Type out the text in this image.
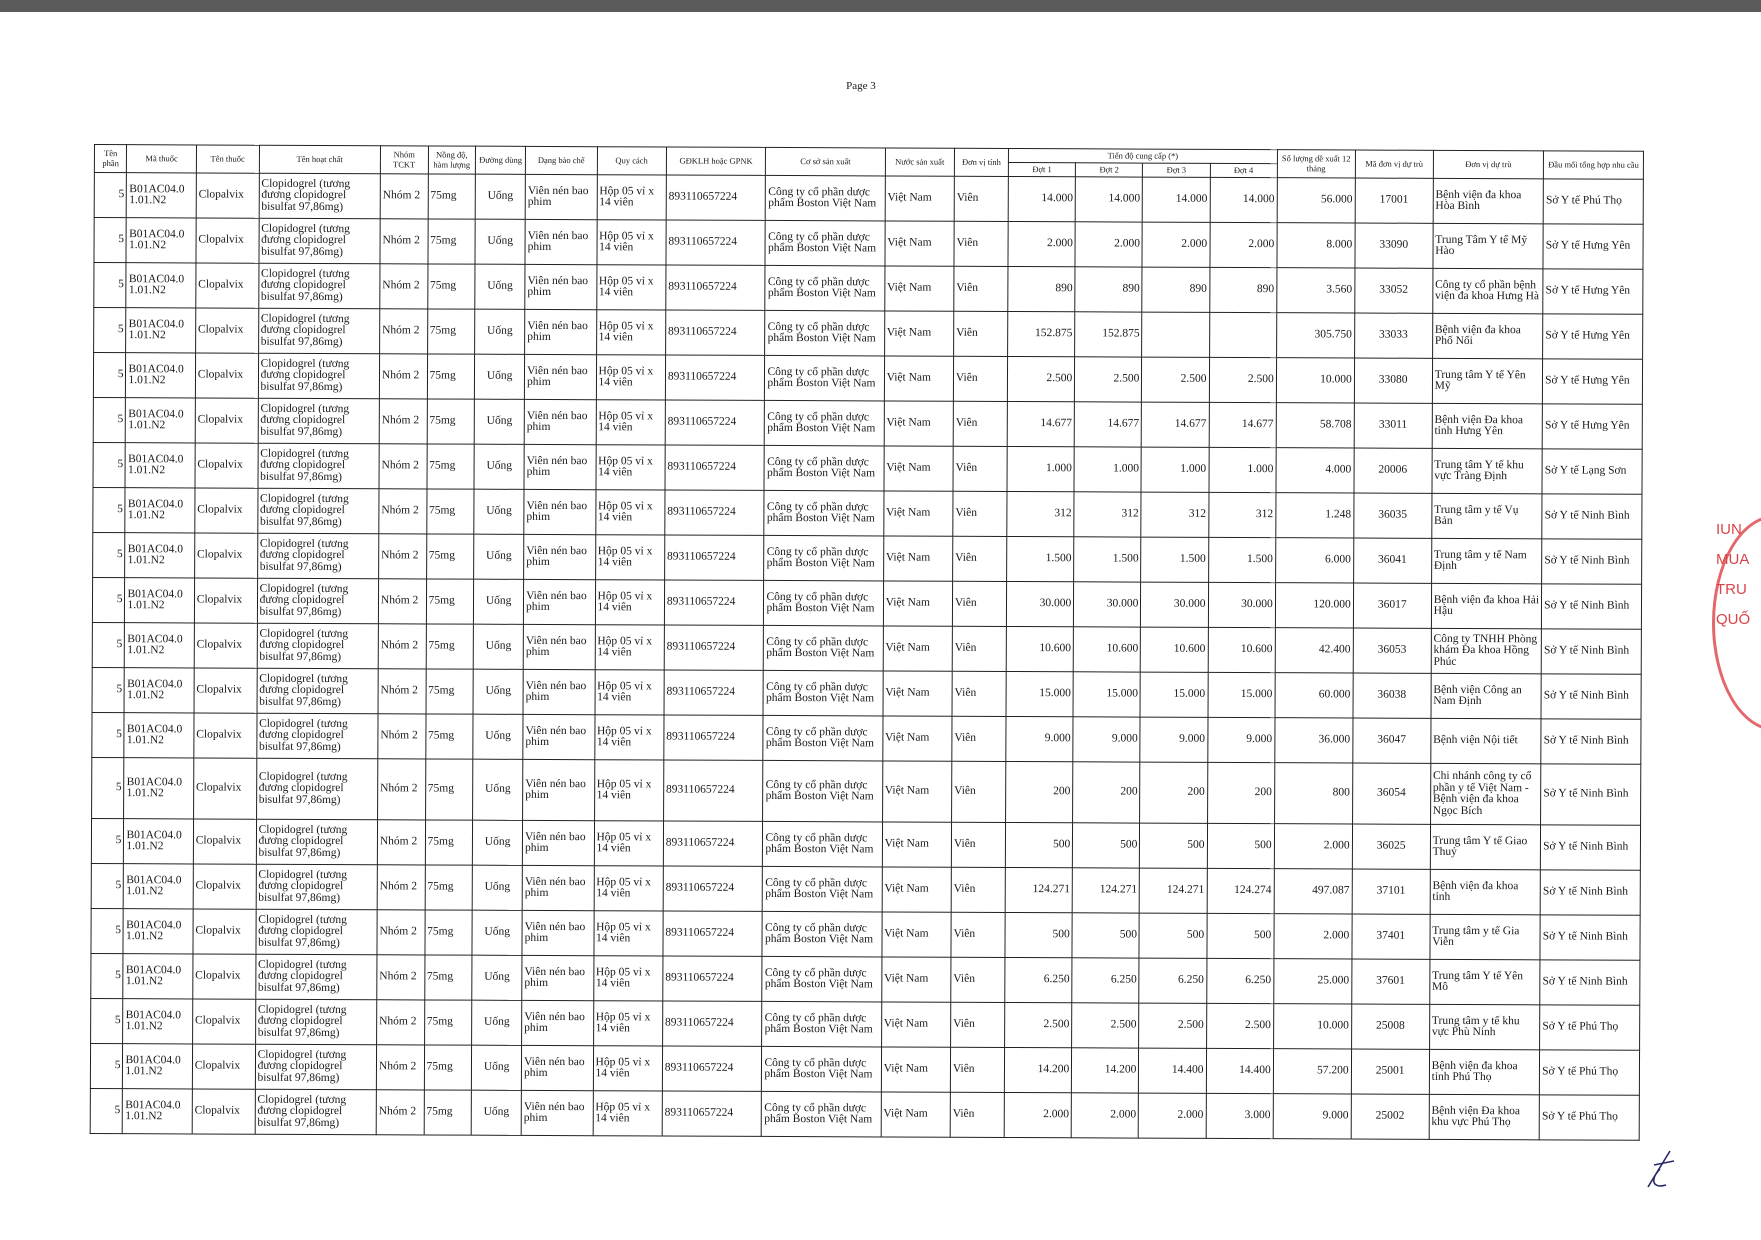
Page 3
Tên phần	Mã thuốc	Tên thuốc	Tên hoạt chất	Nhóm TCKT	Nồng độ, hàm lượng	Đường dùng	Dạng bào chế	Quy cách	GĐKLH hoặc GPNK	Cơ sở sản xuất	Nước sản xuất	Đơn vị tính	Tiến độ cung cấp (*)				Số lượng dề xuất 12 tháng	Mã đơn vị dự trù	Đơn vị dự trù	Đầu mối tổng hợp nhu cầu
													Đợt 1	Đợt 2	Đợt 3	Đợt 4				
5	B01AC04.0 1.01.N2	Clopalvix	Clopidogrel (tương đương clopidogrel bisulfat 97,86mg)	Nhóm 2	75mg	Uống	Viên nén bao phim	Hộp 05 vỉ x 14 viên	893110657224	Công ty cổ phần dược phẩm Boston Việt Nam	Việt Nam	Viên	14.000	14.000	14.000	14.000	56.000	17001	Bệnh viện đa khoa Hòa Bình	Sở Y tế Phú Thọ
5	B01AC04.0 1.01.N2	Clopalvix	Clopidogrel (tương đương clopidogrel bisulfat 97,86mg)	Nhóm 2	75mg	Uống	Viên nén bao phim	Hộp 05 vỉ x 14 viên	893110657224	Công ty cổ phần dược phẩm Boston Việt Nam	Việt Nam	Viên	2.000	2.000	2.000	2.000	8.000	33090	Trung Tâm Y tế Mỹ Hào	Sở Y tế Hưng Yên
5	B01AC04.0 1.01.N2	Clopalvix	Clopidogrel (tương đương clopidogrel bisulfat 97,86mg)	Nhóm 2	75mg	Uống	Viên nén bao phim	Hộp 05 vỉ x 14 viên	893110657224	Công ty cổ phần dược phẩm Boston Việt Nam	Việt Nam	Viên	890	890	890	890	3.560	33052	Công ty cổ phần bệnh viện đa khoa Hưng Hà	Sở Y tế Hưng Yên
5	B01AC04.0 1.01.N2	Clopalvix	Clopidogrel (tương đương clopidogrel bisulfat 97,86mg)	Nhóm 2	75mg	Uống	Viên nén bao phim	Hộp 05 vỉ x 14 viên	893110657224	Công ty cổ phần dược phẩm Boston Việt Nam	Việt Nam	Viên	152.875	152.875			305.750	33033	Bệnh viện đa khoa Phố Nối	Sở Y tế Hưng Yên
5	B01AC04.0 1.01.N2	Clopalvix	Clopidogrel (tương đương clopidogrel bisulfat 97,86mg)	Nhóm 2	75mg	Uống	Viên nén bao phim	Hộp 05 vỉ x 14 viên	893110657224	Công ty cổ phần dược phẩm Boston Việt Nam	Việt Nam	Viên	2.500	2.500	2.500	2.500	10.000	33080	Trung tâm Y tế Yên Mỹ	Sở Y tế Hưng Yên
5	B01AC04.0 1.01.N2	Clopalvix	Clopidogrel (tương đương clopidogrel bisulfat 97,86mg)	Nhóm 2	75mg	Uống	Viên nén bao phim	Hộp 05 vỉ x 14 viên	893110657224	Công ty cổ phần dược phẩm Boston Việt Nam	Việt Nam	Viên	14.677	14.677	14.677	14.677	58.708	33011	Bệnh viện Đa khoa tỉnh Hưng Yên	Sở Y tế Hưng Yên
5	B01AC04.0 1.01.N2	Clopalvix	Clopidogrel (tương đương clopidogrel bisulfat 97,86mg)	Nhóm 2	75mg	Uống	Viên nén bao phim	Hộp 05 vỉ x 14 viên	893110657224	Công ty cổ phần dược phẩm Boston Việt Nam	Việt Nam	Viên	1.000	1.000	1.000	1.000	4.000	20006	Trung tâm Y tế khu vực Tràng Định	Sở Y tế Lạng Sơn
5	B01AC04.0 1.01.N2	Clopalvix	Clopidogrel (tương đương clopidogrel bisulfat 97,86mg)	Nhóm 2	75mg	Uống	Viên nén bao phim	Hộp 05 vỉ x 14 viên	893110657224	Công ty cổ phần dược phẩm Boston Việt Nam	Việt Nam	Viên	312	312	312	312	1.248	36035	Trung tâm y tế Vụ Bản	Sở Y tế Ninh Bình
5	B01AC04.0 1.01.N2	Clopalvix	Clopidogrel (tương đương clopidogrel bisulfat 97,86mg)	Nhóm 2	75mg	Uống	Viên nén bao phim	Hộp 05 vỉ x 14 viên	893110657224	Công ty cổ phần dược phẩm Boston Việt Nam	Việt Nam	Viên	1.500	1.500	1.500	1.500	6.000	36041	Trung tâm y tế Nam Định	Sở Y tế Ninh Bình
5	B01AC04.0 1.01.N2	Clopalvix	Clopidogrel (tương đương clopidogrel bisulfat 97,86mg)	Nhóm 2	75mg	Uống	Viên nén bao phim	Hộp 05 vỉ x 14 viên	893110657224	Công ty cổ phần dược phẩm Boston Việt Nam	Việt Nam	Viên	30.000	30.000	30.000	30.000	120.000	36017	Bệnh viện đa khoa Hải Hậu	Sở Y tế Ninh Bình
5	B01AC04.0 1.01.N2	Clopalvix	Clopidogrel (tương đương clopidogrel bisulfat 97,86mg)	Nhóm 2	75mg	Uống	Viên nén bao phim	Hộp 05 vỉ x 14 viên	893110657224	Công ty cổ phần dược phẩm Boston Việt Nam	Việt Nam	Viên	10.600	10.600	10.600	10.600	42.400	36053	Công ty TNHH Phòng khám Đa khoa Hồng Phúc	Sở Y tế Ninh Bình
5	B01AC04.0 1.01.N2	Clopalvix	Clopidogrel (tương đương clopidogrel bisulfat 97,86mg)	Nhóm 2	75mg	Uống	Viên nén bao phim	Hộp 05 vỉ x 14 viên	893110657224	Công ty cổ phần dược phẩm Boston Việt Nam	Việt Nam	Viên	15.000	15.000	15.000	15.000	60.000	36038	Bệnh viện Công an Nam Định	Sở Y tế Ninh Bình
5	B01AC04.0 1.01.N2	Clopalvix	Clopidogrel (tương đương clopidogrel bisulfat 97,86mg)	Nhóm 2	75mg	Uống	Viên nén bao phim	Hộp 05 vỉ x 14 viên	893110657224	Công ty cổ phần dược phẩm Boston Việt Nam	Việt Nam	Viên	9.000	9.000	9.000	9.000	36.000	36047	Bệnh viện Nội tiết	Sở Y tế Ninh Bình
5	B01AC04.0 1.01.N2	Clopalvix	Clopidogrel (tương đương clopidogrel bisulfat 97,86mg)	Nhóm 2	75mg	Uống	Viên nén bao phim	Hộp 05 vỉ x 14 viên	893110657224	Công ty cổ phần dược phẩm Boston Việt Nam	Việt Nam	Viên	200	200	200	200	800	36054	Chi nhánh công ty cổ phần y tế Việt Nam - Bệnh viện đa khoa Ngọc Bích	Sở Y tế Ninh Bình
5	B01AC04.0 1.01.N2	Clopalvix	Clopidogrel (tương đương clopidogrel bisulfat 97,86mg)	Nhóm 2	75mg	Uống	Viên nén bao phim	Hộp 05 vỉ x 14 viên	893110657224	Công ty cổ phần dược phẩm Boston Việt Nam	Việt Nam	Viên	500	500	500	500	2.000	36025	Trung tâm Y tế Giao Thuỷ	Sở Y tế Ninh Bình
5	B01AC04.0 1.01.N2	Clopalvix	Clopidogrel (tương đương clopidogrel bisulfat 97,86mg)	Nhóm 2	75mg	Uống	Viên nén bao phim	Hộp 05 vỉ x 14 viên	893110657224	Công ty cổ phần dược phẩm Boston Việt Nam	Việt Nam	Viên	124.271	124.271	124.271	124.274	497.087	37101	Bệnh viện đa khoa tỉnh	Sở Y tế Ninh Bình
5	B01AC04.0 1.01.N2	Clopalvix	Clopidogrel (tương đương clopidogrel bisulfat 97,86mg)	Nhóm 2	75mg	Uống	Viên nén bao phim	Hộp 05 vỉ x 14 viên	893110657224	Công ty cổ phần dược phẩm Boston Việt Nam	Việt Nam	Viên	500	500	500	500	2.000	37401	Trung tâm y tế Gia Viễn	Sở Y tế Ninh Bình
5	B01AC04.0 1.01.N2	Clopalvix	Clopidogrel (tương đương clopidogrel bisulfat 97,86mg)	Nhóm 2	75mg	Uống	Viên nén bao phim	Hộp 05 vỉ x 14 viên	893110657224	Công ty cổ phần dược phẩm Boston Việt Nam	Việt Nam	Viên	6.250	6.250	6.250	6.250	25.000	37601	Trung tâm Y tế Yên Mô	Sở Y tế Ninh Bình
5	B01AC04.0 1.01.N2	Clopalvix	Clopidogrel (tương đương clopidogrel bisulfat 97,86mg)	Nhóm 2	75mg	Uống	Viên nén bao phim	Hộp 05 vỉ x 14 viên	893110657224	Công ty cổ phần dược phẩm Boston Việt Nam	Việt Nam	Viên	2.500	2.500	2.500	2.500	10.000	25008	Trung tâm y tế khu vực Phù Ninh	Sở Y tế Phú Thọ
5	B01AC04.0 1.01.N2	Clopalvix	Clopidogrel (tương đương clopidogrel bisulfat 97,86mg)	Nhóm 2	75mg	Uống	Viên nén bao phim	Hộp 05 vỉ x 14 viên	893110657224	Công ty cổ phần dược phẩm Boston Việt Nam	Việt Nam	Viên	14.200	14.200	14.400	14.400	57.200	25001	Bệnh viện đa khoa tỉnh Phú Thọ	Sở Y tế Phú Thọ
5	B01AC04.0 1.01.N2	Clopalvix	Clopidogrel (tương đương clopidogrel bisulfat 97,86mg)	Nhóm 2	75mg	Uống	Viên nén bao phim	Hộp 05 vỉ x 14 viên	893110657224	Công ty cổ phần dược phẩm Boston Việt Nam	Việt Nam	Viên	2.000	2.000	2.000	3.000	9.000	25002	Bệnh viện Đa khoa khu vực Phú Thọ	Sở Y tế Phú Thọ
IUN
MUA
TRU
QUỐ
